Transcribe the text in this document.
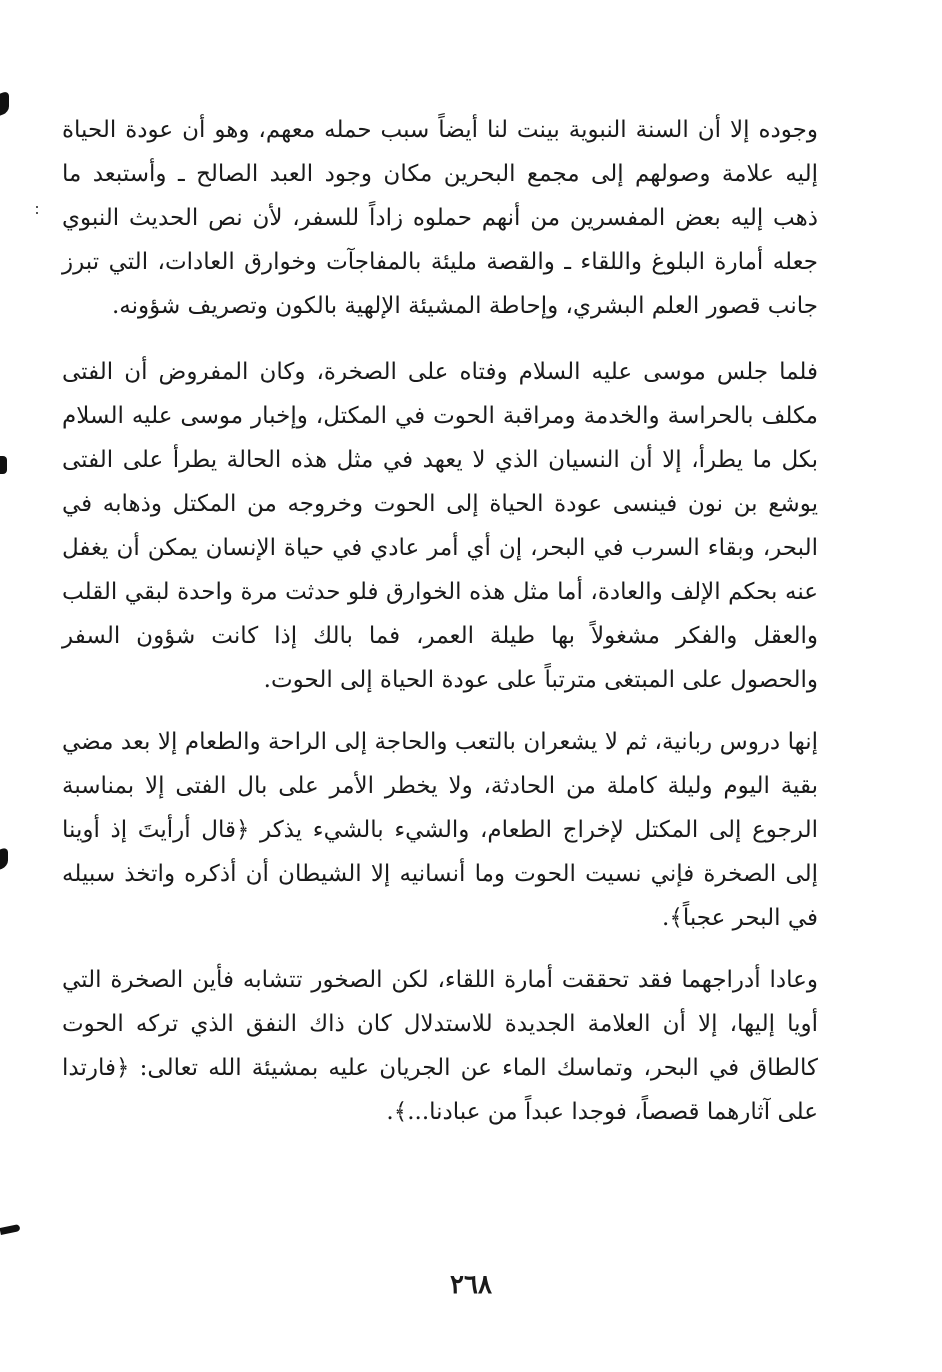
وجوده إلا أن السنة النبوية بينت لنا أيضاً سبب حمله معهم، وهو أن عودة الحياة إليه علامة وصولهم إلى مجمع البحرين مكان وجود العبد الصالح ـ وأستبعد ما ذهب إليه بعض المفسرين من أنهم حملوه زاداً للسفر، لأن نص الحديث النبوي جعله أمارة البلوغ واللقاء ـ والقصة مليئة بالمفاجآت وخوارق العادات، التي تبرز جانب قصور العلم البشري، وإحاطة المشيئة الإلهية بالكون وتصريف شؤونه.

فلما جلس موسى عليه السلام وفتاه على الصخرة، وكان المفروض أن الفتى مكلف بالحراسة والخدمة ومراقبة الحوت في المكتل، وإخبار موسى عليه السلام بكل ما يطرأ، إلا أن النسيان الذي لا يعهد في مثل هذه الحالة يطرأ على الفتى يوشع بن نون فينسى عودة الحياة إلى الحوت وخروجه من المكتل وذهابه في البحر، وبقاء السرب في البحر، إن أي أمر عادي في حياة الإنسان يمكن أن يغفل عنه بحكم الإلف والعادة، أما مثل هذه الخوارق فلو حدثت مرة واحدة لبقي القلب والعقل والفكر مشغولاً بها طيلة العمر، فما بالك إذا كانت شؤون السفر والحصول على المبتغى مترتباً على عودة الحياة إلى الحوت.

إنها دروس ربانية، ثم لا يشعران بالتعب والحاجة إلى الراحة والطعام إلا بعد مضي بقية اليوم وليلة كاملة من الحادثة، ولا يخطر الأمر على بال الفتى إلا بمناسبة الرجوع إلى المكتل لإخراج الطعام، والشيء بالشيء يذكر ﴿قال أرأيتَ إذ أوينا إلى الصخرة فإني نسيت الحوت وما أنسانيه إلا الشيطان أن أذكره واتخذ سبيله في البحر عجباً﴾.

وعادا أدراجهما فقد تحققت أمارة اللقاء، لكن الصخور تتشابه فأين الصخرة التي أويا إليها، إلا أن العلامة الجديدة للاستدلال كان ذاك النفق الذي تركه الحوت كالطاق في البحر، وتماسك الماء عن الجريان عليه بمشيئة الله تعالى: ﴿فارتدا على آثارهما قصصاً، فوجدا عبداً من عبادنا...﴾.

٢٦٨
